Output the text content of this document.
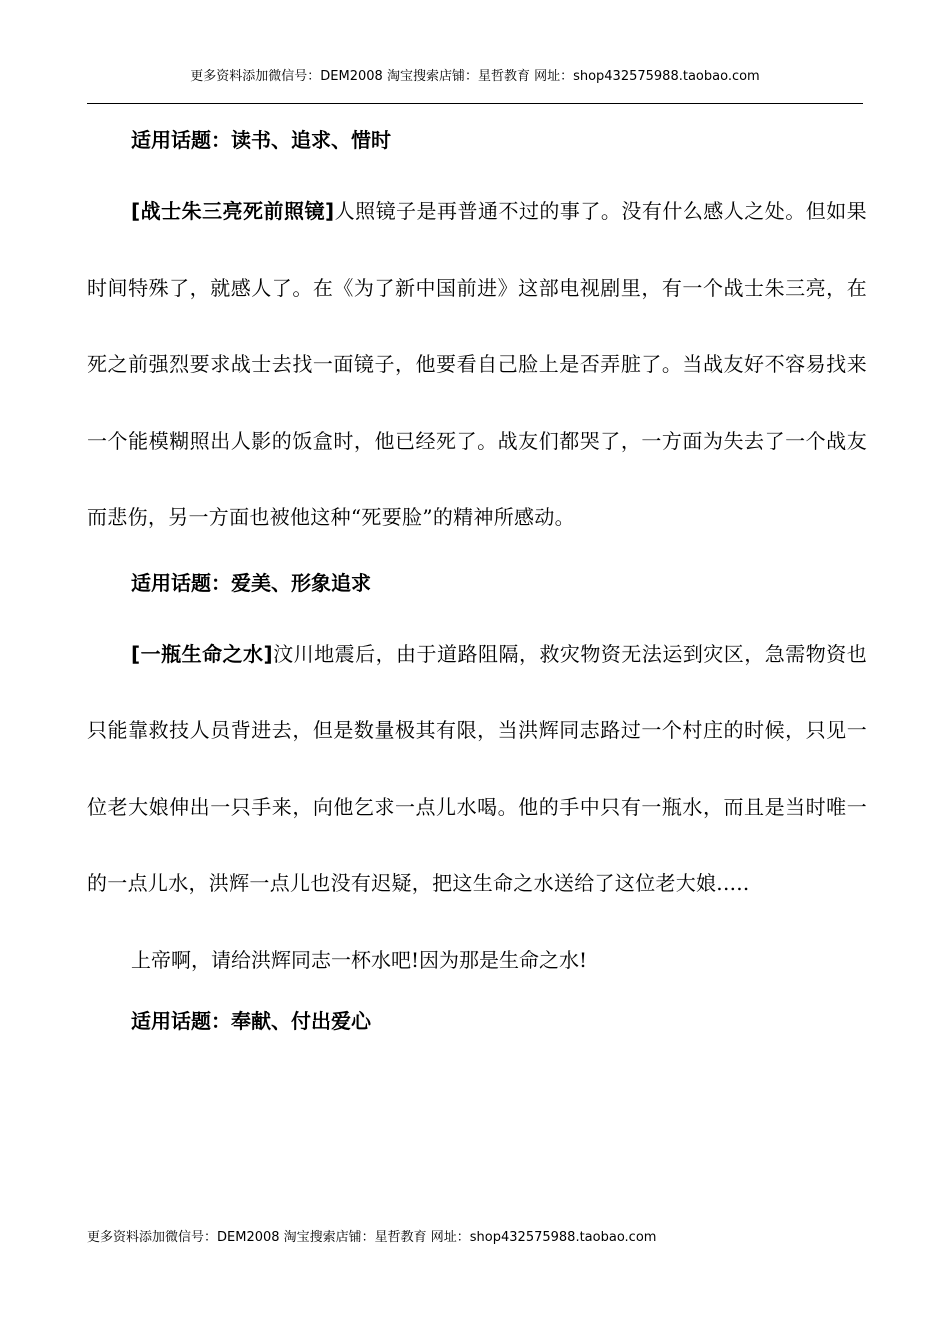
更多资料添加微信号：DEM2008 淘宝搜索店铺：星哲教育 网址：shop432575988.taobao.com

适用话题：读书、追求、惜时

[战士朱三亮死前照镜]人照镜子是再普通不过的事了。没有什么感人之处。但如果时间特殊了，就感人了。在《为了新中国前进》这部电视剧里，有一个战士朱三亮，在死之前强烈要求战士去找一面镜子，他要看自己脸上是否弄脏了。当战友好不容易找来一个能模糊照出人影的饭盒时，他已经死了。战友们都哭了，一方面为失去了一个战友而悲伤，另一方面也被他这种“死要脸”的精神所感动。

适用话题：爱美、形象追求

[一瓶生命之水]汶川地震后，由于道路阻隔，救灾物资无法运到灾区，急需物资也只能靠救技人员背进去，但是数量极其有限，当洪辉同志路过一个村庄的时候，只见一位老大娘伸出一只手来，向他乞求一点儿水喝。他的手中只有一瓶水，而且是当时唯一的一点儿水，洪辉一点儿也没有迟疑，把这生命之水送给了这位老大娘.....

上帝啊，请给洪辉同志一杯水吧!因为那是生命之水!

适用话题：奉献、付出爱心

更多资料添加微信号：DEM2008 淘宝搜索店铺：星哲教育 网址：shop432575988.taobao.com
